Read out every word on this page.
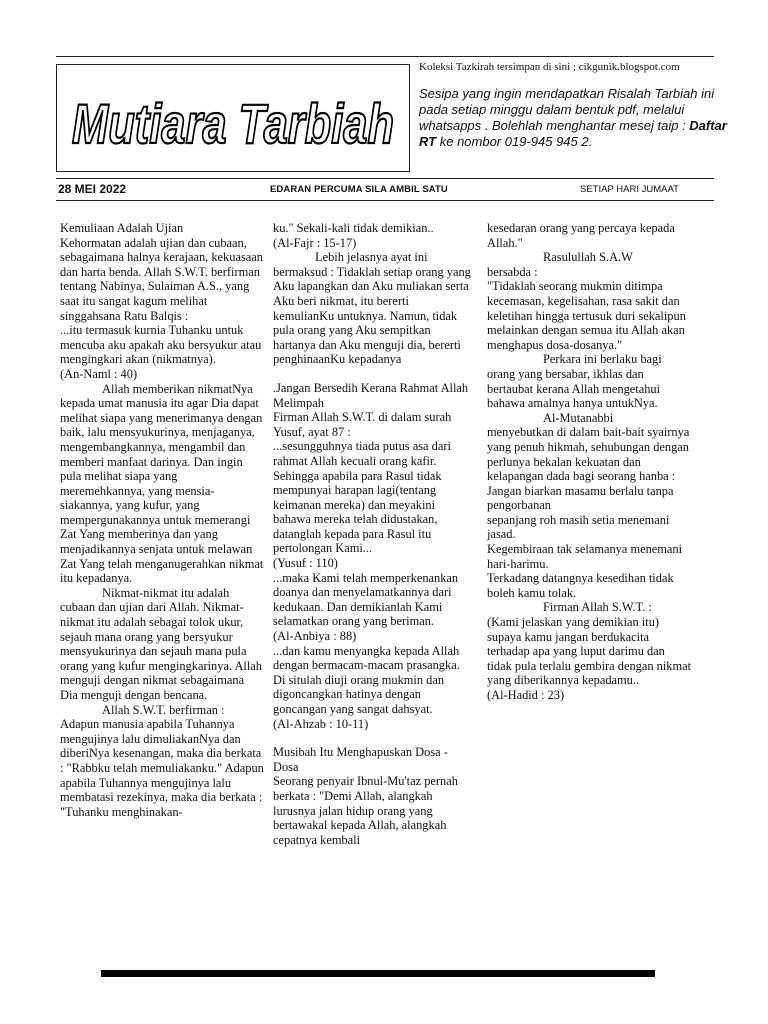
Mutiara Tarbiah
Koleksi Tazkirah tersimpan di sini ; cikgunik.blogspot.com
Sesipa yang ingin mendapatkan Risalah Tarbiah ini pada setiap minggu dalam bentuk pdf, melalui whatsapps . Bolehlah menghantar mesej taip : Daftar RT ke nombor 019-945 945 2.
28 MEI 2022	EDARAN PERCUMA SILA AMBIL SATU	SETIAP HARI JUMAAT

Kemuliaan Adalah Ujian

Kehormatan adalah ujian dan cubaan, sebagaimana halnya kerajaan, kekuasaan dan harta benda. Allah S.W.T. berfirman tentang Nabinya, Sulaiman A.S., yang saat itu sangat kagum melihat singgahsana Ratu Balqis :

...itu termasuk kurnia Tuhanku untuk mencuba aku apakah aku bersyukur atau mengingkari akan (nikmatnya).

(An-Naml : 40)

Allah memberikan nikmatNya kepada umat manusia itu agar Dia dapat melihat siapa yang menerimanya dengan baik, lalu mensyukurinya, menjaganya, mengembangkannya, mengambil dan memberi manfaat darinya. Dan ingin pula melihat siapa yang meremehkannya, yang mensia-siakannya, yang kufur, yang mempergunakannya untuk memerangi Zat Yang memberinya dan yang menjadikannya senjata untuk melawan Zat Yang telah menganugerahkan nikmat itu kepadanya.

Nikmat-nikmat itu adalah cubaan dan ujian dari Allah. Nikmat-nikmat itu adalah sebagai tolok ukur, sejauh mana orang yang bersyukur mensyukurinya dan sejauh mana pula orang yang kufur mengingkarinya. Allah menguji dengan nikmat sebagaimana Dia menguji dengan bencana.

Allah S.W.T. berfirman :

Adapun manusia apabila Tuhannya mengujinya lalu dimuliakanNya dan diberiNya kesenangan, maka dia berkata : "Rabbku telah memuliakanku." Adapun apabila Tuhannya mengujinya lalu membatasi rezekinya, maka dia berkata : "Tuhanku menghinakan-

ku." Sekali-kali tidak demikian..

(Al-Fajr : 15-17)

Lebih jelasnya ayat ini bermaksud : Tidaklah setiap orang yang Aku lapangkan dan Aku muliakan serta Aku beri nikmat, itu bererti kemulianKu untuknya. Namun, tidak pula orang yang Aku sempitkan hartanya dan Aku menguji dia, bererti penghinaanKu kepadanya

.Jangan Bersedih Kerana Rahmat Allah Melimpah

Firman Allah S.W.T. di dalam surah Yusuf, ayat 87 :

...sesungguhnya tiada putus asa dari rahmat Allah kecuali orang kafir.

Sehingga apabila para Rasul tidak mempunyai harapan lagi(tentang keimanan mereka) dan meyakini bahawa mereka telah didustakan, datanglah kepada para Rasul itu pertolongan Kami...

(Yusuf : 110)

...maka Kami telah memperkenankan doanya dan menyelamatkannya dari kedukaan. Dan demikianlah Kami selamatkan orang yang beriman.

(Al-Anbiya : 88)

...dan kamu menyangka kepada Allah dengan bermacam-macam prasangka. Di situlah diuji orang mukmin dan digoncangkan hatinya dengan goncangan yang sangat dahsyat.

(Al-Ahzab : 10-11)

Musibah Itu Menghapuskan Dosa -Dosa

Seorang penyair Ibnul-Mu'taz pernah berkata : "Demi Allah, alangkah lurusnya jalan hidup orang yang bertawakal kepada Allah, alangkah cepatnya kembali

kesedaran orang yang percaya kepada Allah."

Rasulullah S.A.W

bersabda :

"Tidaklah seorang mukmin ditimpa kecemasan, kegelisahan, rasa sakit dan keletihan hingga tertusuk duri sekalipun melainkan dengan semua itu Allah akan menghapus dosa-dosanya."

Perkara ini berlaku bagi orang yang bersabar, ikhlas dan bertaubat kerana Allah mengetahui bahawa amalnya hanya untukNya.

Al-Mutanabbi

menyebutkan di dalam bait-bait syairnya yang penuh hikmah, sehubungan dengan perlunya bekalan kekuatan dan kelapangan dada bagi seorang hanba :

Jangan biarkan masamu berlalu tanpa pengorbanan

sepanjang roh masih setia menemani jasad.

Kegembiraan tak selamanya menemani hari-harimu.

Terkadang datangnya kesedihan tidak boleh kamu tolak.

Firman Allah S.W.T. :

(Kami jelaskan yang demikian itu) supaya kamu jangan berdukacita terhadap apa yang luput darimu dan tidak pula terlalu gembira dengan nikmat yang diberikannya kepadamu..

(Al-Hadid : 23)
